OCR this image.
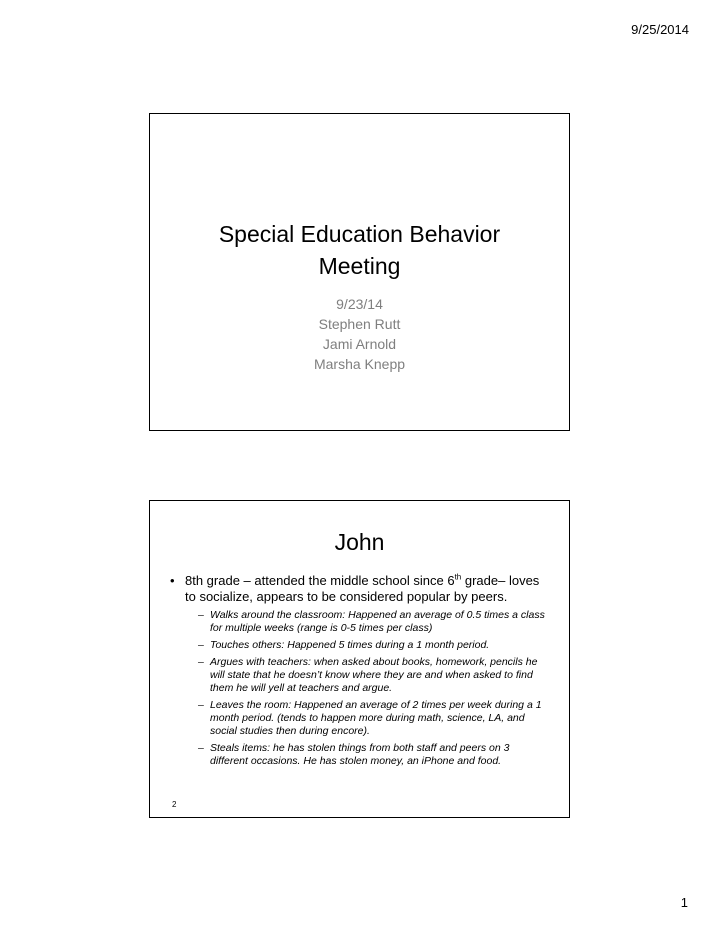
9/25/2014
Special Education Behavior
Meeting
9/23/14
Stephen Rutt
Jami Arnold
Marsha Knepp
John
• 8th grade – attended the middle school since 6th grade– loves to socialize, appears to be considered popular by peers.
– Walks around the classroom: Happened an average of 0.5 times a class for multiple weeks (range is 0-5 times per class)
– Touches others: Happened 5 times during a 1 month period.
– Argues with teachers: when asked about books, homework, pencils he will state that he doesn’t know where they are and when asked to find them he will yell at teachers and argue.
– Leaves the room: Happened an average of 2 times per week during a 1 month period. (tends to happen more during math, science, LA, and social studies then during encore).
– Steals items: he has stolen things from both staff and peers on 3 different occasions. He has stolen money, an iPhone and food.
2
1
